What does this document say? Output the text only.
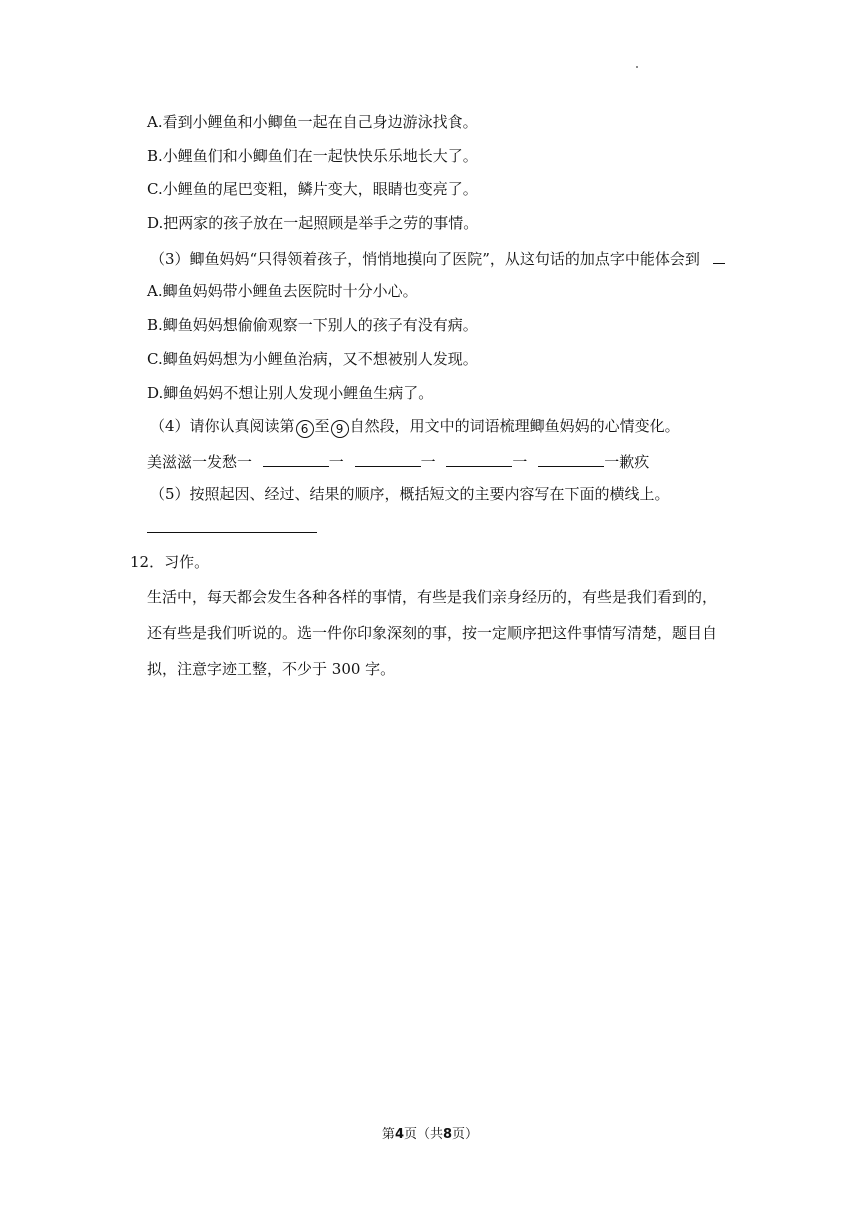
A.看到小鲤鱼和小鲫鱼一起在自己身边游泳找食。
B.小鲤鱼们和小鲫鱼们在一起快快乐乐地长大了。
C.小鲤鱼的尾巴变粗，鳞片变大，眼睛也变亮了。
D.把两家的孩子放在一起照顾是举手之劳的事情。
（3）鲫鱼妈妈“只得领着孩子，悄悄地摸向了医院”，从这句话的加点字中能体会到
A.鲫鱼妈妈带小鲤鱼去医院时十分小心。
B.鲫鱼妈妈想偷偷观察一下别人的孩子有没有病。
C.鲫鱼妈妈想为小鲤鱼治病，又不想被别人发现。
D.鲫鱼妈妈不想让别人发现小鲤鱼生病了。
（4）请你认真阅读第 6 至 9 自然段，用文中的词语梳理鲫鱼妈妈的心情变化。
美滋滋一发愁一	一	一	一	一歉疚
（5）按照起因、经过、结果的顺序，概括短文的主要内容写在下面的横线上。
12．习作。
生活中，每天都会发生各种各样的事情，有些是我们亲身经历的，有些是我们看到的，
还有些是我们听说的。选一件你印象深刻的事，按一定顺序把这件事情写清楚，题目自
拟，注意字迹工整，不少于 300 字。
第4页（共8页）
